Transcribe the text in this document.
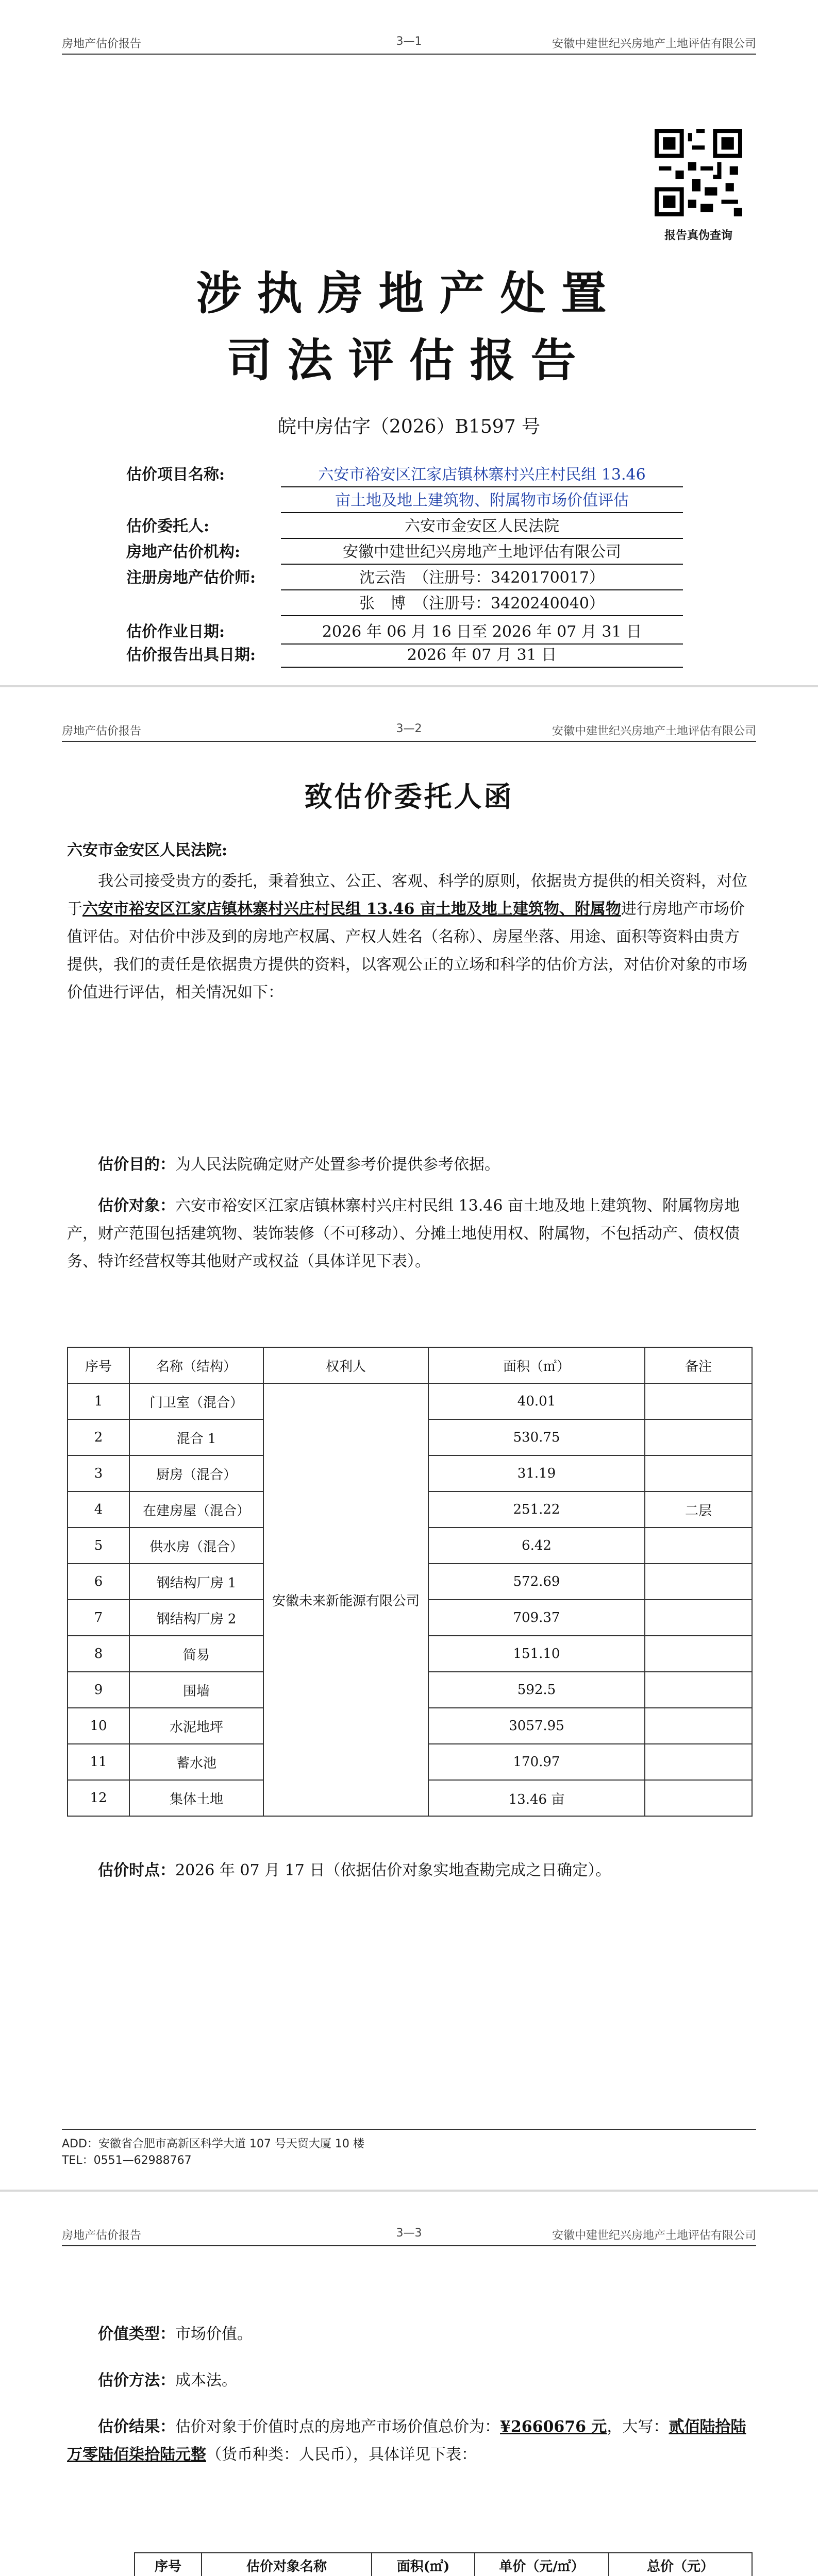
房地产估价报告	3—1	安徽中建世纪兴房地产土地评估有限公司
报告真伪查询
涉执房地产处置
司法评估报告
皖中房估字（2026）B1597 号
估价项目名称:	六安市裕安区江家店镇林寨村兴庄村民组 13.46
亩土地及地上建筑物、附属物市场价值评估
估价委托人:	六安市金安区人民法院
房地产估价机构:	安徽中建世纪兴房地产土地评估有限公司
注册房地产估价师:	沈云浩　（注册号：3420170017）
张　博　（注册号：3420240040）
估价作业日期:	2026 年 06 月 16 日至 2026 年 07 月 31 日
估价报告出具日期:	2026 年 07 月 31 日
房地产估价报告	3—2	安徽中建世纪兴房地产土地评估有限公司
致估价委托人函
六安市金安区人民法院:
我公司接受贵方的委托，秉着独立、公正、客观、科学的原则，依据贵方提供的相关资料，对位于六安市裕安区江家店镇林寨村兴庄村民组 13.46 亩土地及地上建筑物、附属物进行房地产市场价值评估。对估价中涉及到的房地产权属、产权人姓名（名称）、房屋坐落、用途、面积等资料由贵方提供，我们的责任是依据贵方提供的资料，以客观公正的立场和科学的估价方法，对估价对象的市场价值进行评估，相关情况如下：
估价目的：为人民法院确定财产处置参考价提供参考依据。
估价对象：六安市裕安区江家店镇林寨村兴庄村民组 13.46 亩土地及地上建筑物、附属物房地产，财产范围包括建筑物、装饰装修（不可移动）、分摊土地使用权、附属物，不包括动产、债权债务、特许经营权等其他财产或权益（具体详见下表）。
序号	名称（结构）	权利人	面积（㎡）	备注
1	门卫室（混合）	安徽未来新能源有限公司	40.01	
2	混合 1		530.75	
3	厨房（混合）		31.19	
4	在建房屋（混合）		251.22	二层
5	供水房（混合）		6.42	
6	钢结构厂房 1		572.69	
7	钢结构厂房 2		709.37	
8	简易		151.10	
9	围墙		592.5	
10	水泥地坪		3057.95	
11	蓄水池		170.97	
12	集体土地		13.46 亩	
估价时点：2026 年 07 月 17 日（依据估价对象实地查勘完成之日确定）。
ADD：安徽省合肥市高新区科学大道 107 号天贸大厦 10 楼
TEL：0551—62988767
房地产估价报告	3—3	安徽中建世纪兴房地产土地评估有限公司
价值类型：市场价值。
估价方法：成本法。
估价结果：估价对象于价值时点的房地产市场价值总价为：¥2660676 元，大写：贰佰陆拾陆万零陆佰柒拾陆元整（货币种类：人民币），具体详见下表：
序号	估价对象名称	面积(㎡)	单价（元/㎡）	总价（元）
